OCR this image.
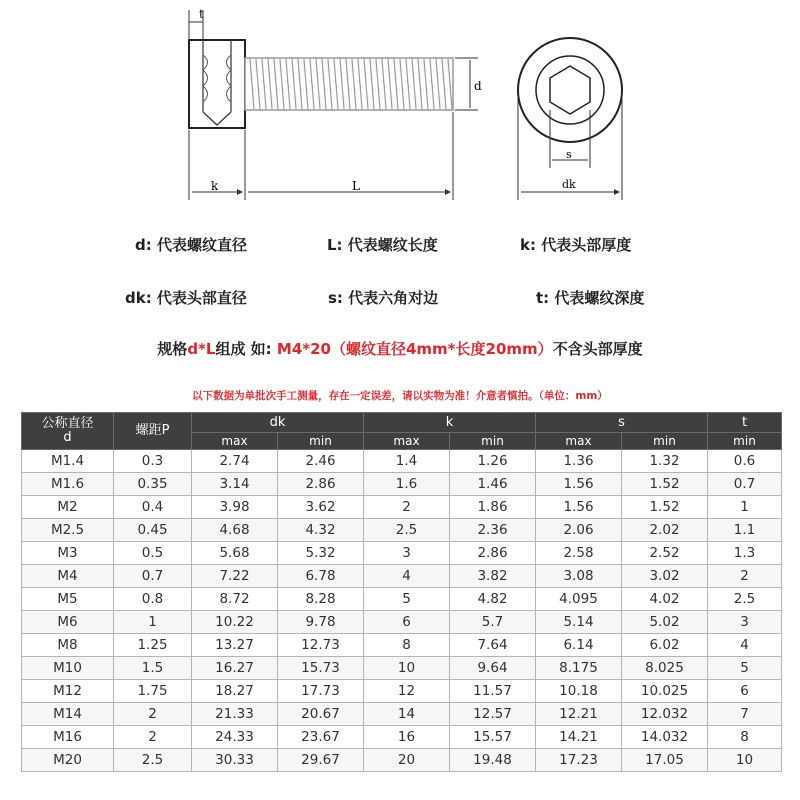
t
k	L
d
s
dk
d: 代表螺纹直径	L: 代表螺纹长度	k: 代表头部厚度
dk: 代表头部直径	s: 代表六角对边	t: 代表螺纹深度
规格d*L组成 如: M4*20（螺纹直径4mm*长度20mm）不含头部厚度
以下数据为单批次手工测量，存在一定误差，请以实物为准！介意者慎拍。（单位：mm）
公称直径
d	螺距P	dk		k		s		t
		max	min	max	min	max	min	min
M1.4	0.3	2.74	2.46	1.4	1.26	1.36	1.32	0.6
M1.6	0.35	3.14	2.86	1.6	1.46	1.56	1.52	0.7
M2	0.4	3.98	3.62	2	1.86	1.56	1.52	1
M2.5	0.45	4.68	4.32	2.5	2.36	2.06	2.02	1.1
M3	0.5	5.68	5.32	3	2.86	2.58	2.52	1.3
M4	0.7	7.22	6.78	4	3.82	3.08	3.02	2
M5	0.8	8.72	8.28	5	4.82	4.095	4.02	2.5
M6	1	10.22	9.78	6	5.7	5.14	5.02	3
M8	1.25	13.27	12.73	8	7.64	6.14	6.02	4
M10	1.5	16.27	15.73	10	9.64	8.175	8.025	5
M12	1.75	18.27	17.73	12	11.57	10.18	10.025	6
M14	2	21.33	20.67	14	12.57	12.21	12.032	7
M16	2	24.33	23.67	16	15.57	14.21	14.032	8
M20	2.5	30.33	29.67	20	19.48	17.23	17.05	10
